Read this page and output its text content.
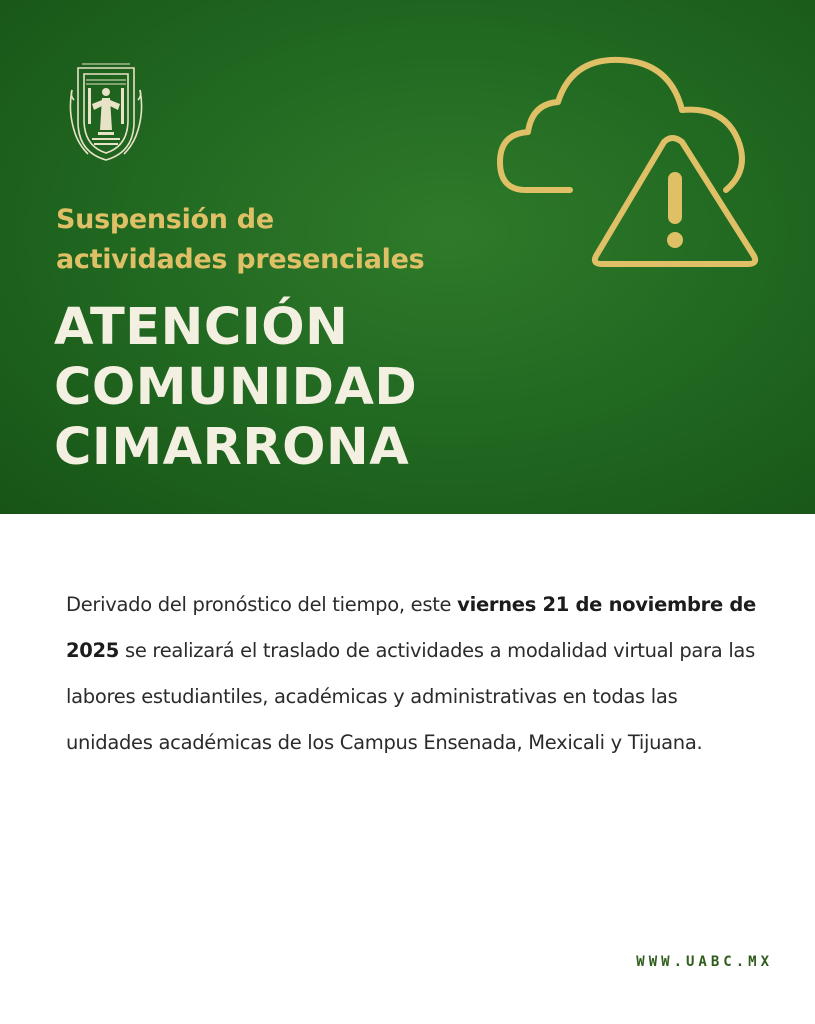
Suspensión de
actividades presenciales
ATENCIÓN
COMUNIDAD
CIMARRONA
Derivado del pronóstico del tiempo, este viernes 21 de noviembre de 2025 se realizará el traslado de actividades a modalidad virtual para las labores estudiantiles, académicas y administrativas en todas las unidades académicas de los Campus Ensenada, Mexicali y Tijuana.
WWW.UABC.MX
